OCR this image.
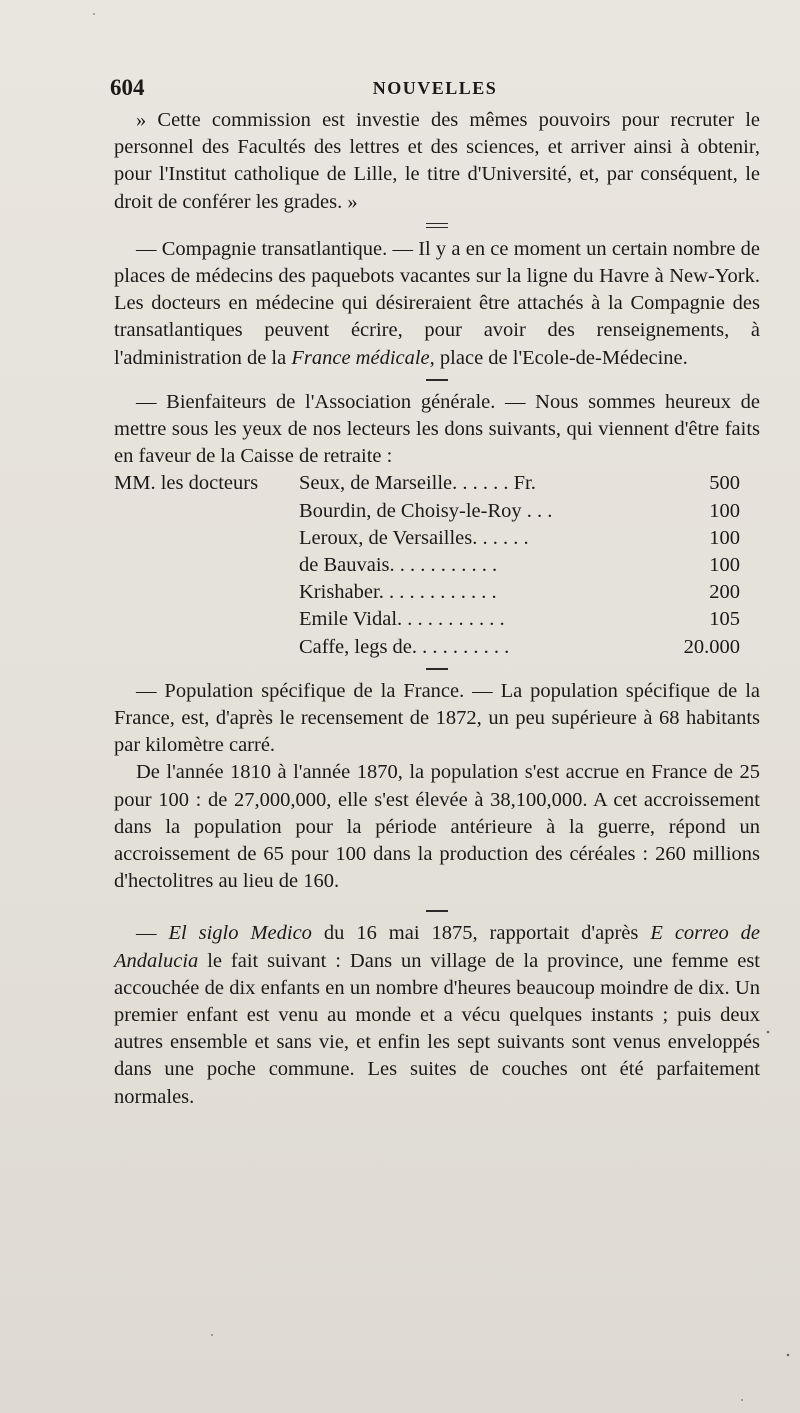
604	NOUVELLES

» Cette commission est investie des mêmes pouvoirs pour recruter le personnel des Facultés des lettres et des sciences, et arriver ainsi à obtenir, pour l'Institut catholique de Lille, le titre d'Université, et, par conséquent, le droit de conférer les grades. »

— Compagnie transatlantique. — Il y a en ce moment un certain nombre de places de médecins des paquebots vacantes sur la ligne du Havre à New-York. Les docteurs en médecine qui désireraient être attachés à la Compagnie des transatlantiques peuvent écrire, pour avoir des renseignements, à l'administration de la France médicale, place de l'Ecole-de-Médecine.

— Bienfaiteurs de l'Association générale. — Nous sommes heureux de mettre sous les yeux de nos lecteurs les dons suivants, qui viennent d'être faits en faveur de la Caisse de retraite :

MM. les docteurs Seux, de Marseille. . . . . . Fr.	500
Bourdin, de Choisy-le-Roy . . .	100
Leroux, de Versailles. . . . . .	100
de Bauvais. . . . . . . . . . .	100
Krishaber. . . . . . . . . . . .	200
Emile Vidal. . . . . . . . . . .	105
Caffe, legs de. . . . . . . . . .	20.000

— Population spécifique de la France. — La population spécifique de la France, est, d'après le recensement de 1872, un peu supérieure à 68 habitants par kilomètre carré.

De l'année 1810 à l'année 1870, la population s'est accrue en France de 25 pour 100 : de 27,000,000, elle s'est élevée à 38,100,000. A cet accroissement dans la population pour la période antérieure à la guerre, répond un accroissement de 65 pour 100 dans la production des céréales : 260 millions d'hectolitres au lieu de 160.

— El siglo Medico du 16 mai 1875, rapportait d'après E correo de Andalucia le fait suivant : Dans un village de la province, une femme est accouchée de dix enfants en un nombre d'heures beaucoup moindre de dix. Un premier enfant est venu au monde et a vécu quelques instants ; puis deux autres ensemble et sans vie, et enfin les sept suivants sont venus enveloppés dans une poche commune. Les suites de couches ont été parfaitement normales.
